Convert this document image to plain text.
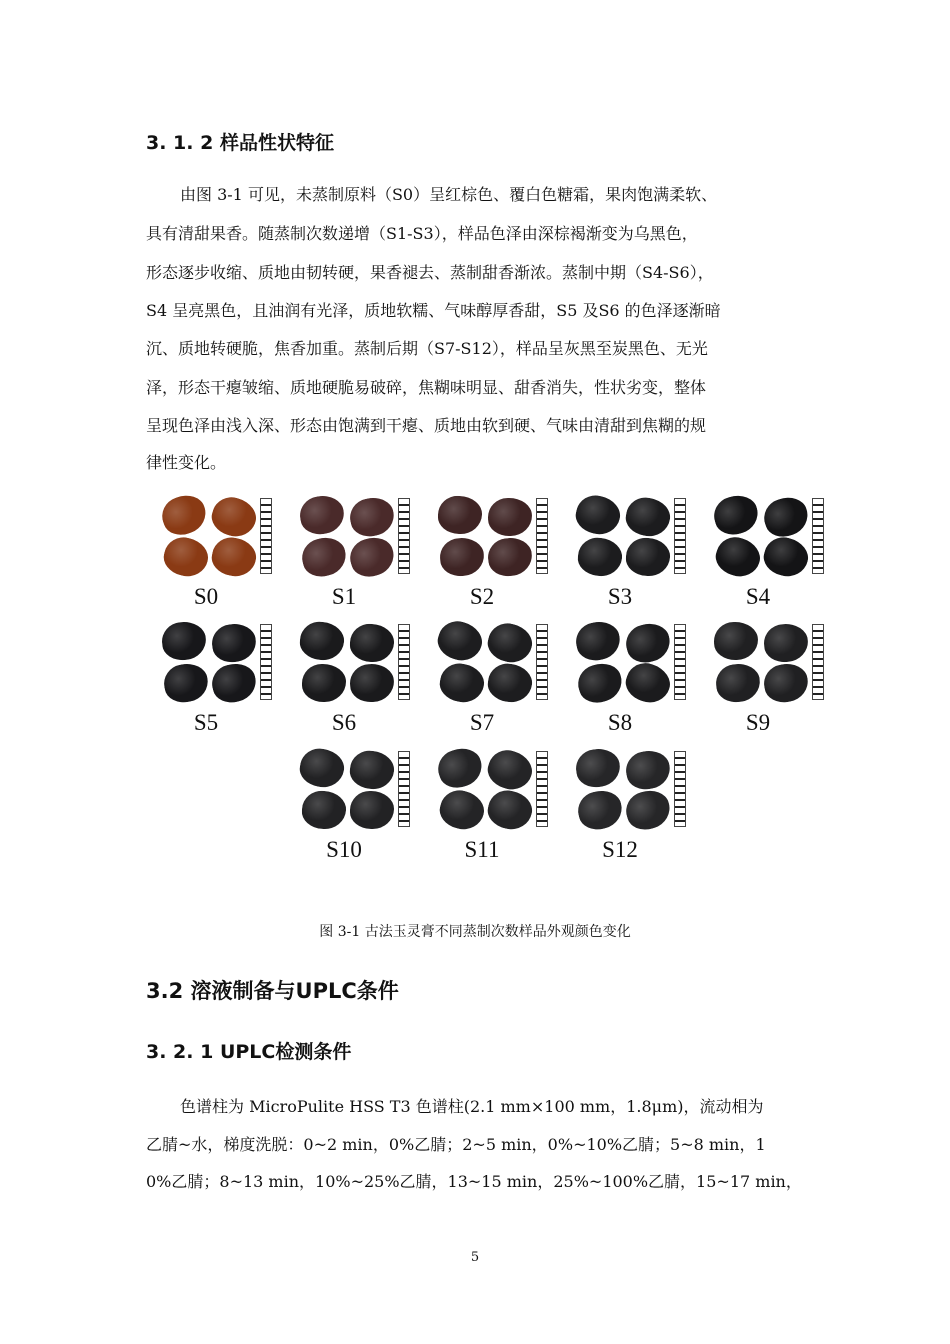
3. 1. 2 样品性状特征
由图 3-1 可见，未蒸制原料（S0）呈红棕色、覆白色糖霜，果肉饱满柔软、
具有清甜果香。随蒸制次数递增（S1-S3），样品色泽由深棕褐渐变为乌黑色，
形态逐步收缩、质地由韧转硬，果香褪去、蒸制甜香渐浓。蒸制中期（S4-S6），
S4 呈亮黑色，且油润有光泽，质地软糯、气味醇厚香甜，S5 及S6 的色泽逐渐暗
沉、质地转硬脆，焦香加重。蒸制后期（S7-S12），样品呈灰黑至炭黑色、无光
泽，形态干瘪皱缩、质地硬脆易破碎，焦糊味明显、甜香消失，性状劣变，整体
呈现色泽由浅入深、形态由饱满到干瘪、质地由软到硬、气味由清甜到焦糊的规
律性变化。
S0	S1	S2	S3	S4
S5	S6	S7	S8	S9
S10	S11	S12
图 3-1 古法玉灵膏不同蒸制次数样品外观颜色变化
3.2 溶液制备与UPLC条件
3. 2. 1 UPLC检测条件
色谱柱为 MicroPulite HSS T3 色谱柱(2.1 mm×100 mm，1.8μm)，流动相为
乙腈~水，梯度洗脱：0~2 min，0%乙腈；2~5 min，0%~10%乙腈；5~8 min，1
0%乙腈；8~13 min，10%~25%乙腈，13~15 min，25%~100%乙腈，15~17 min，
5
